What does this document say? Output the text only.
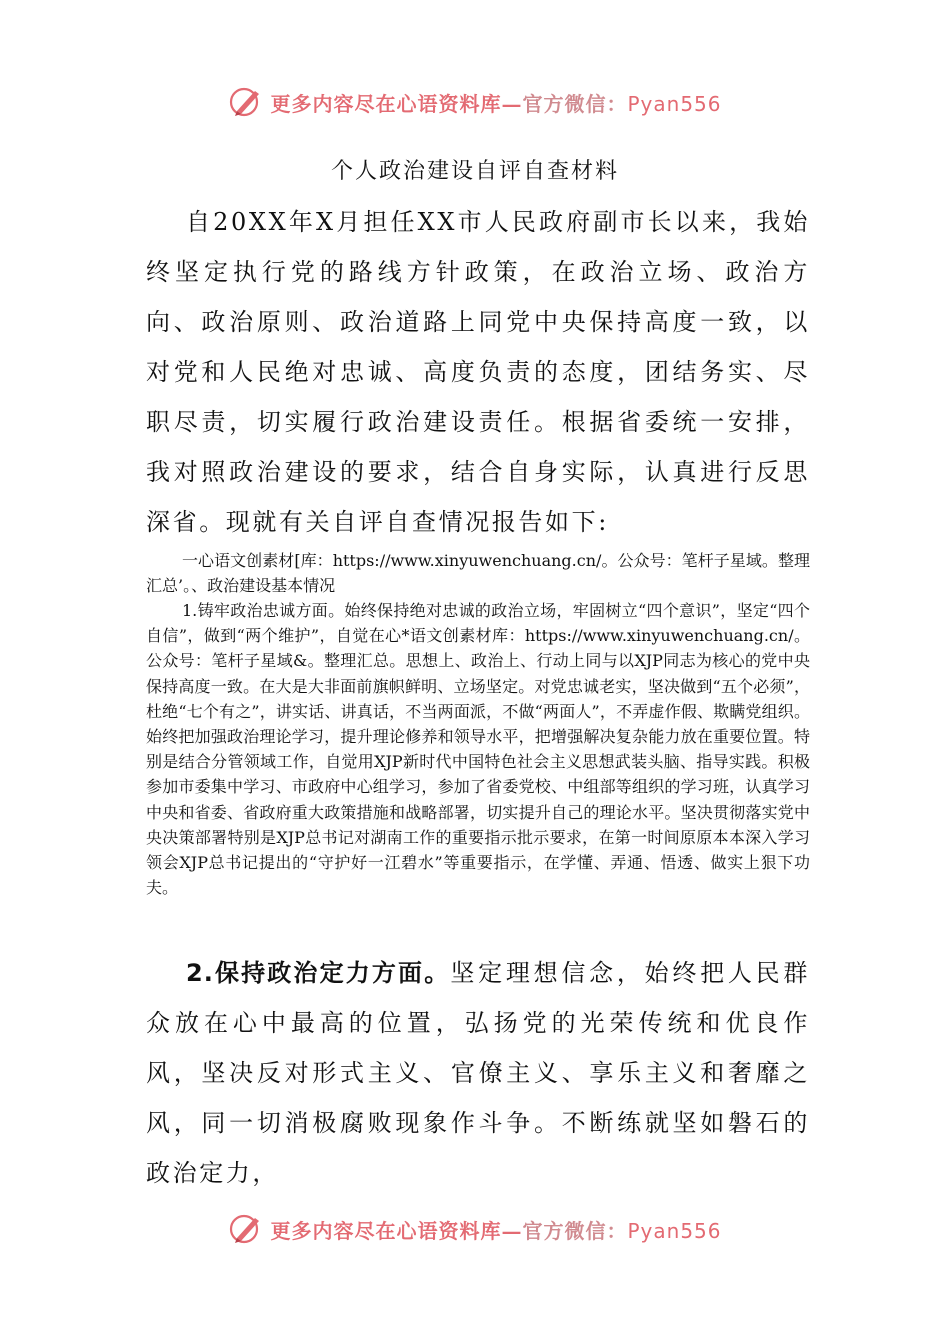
更多内容尽在心语资料库—官方微信：Pyan556
个人政治建设自评自查材料

自20XX年X月担任XX市人民政府副市长以来，我始终坚定执行党的路线方针政策，在政治立场、政治方向、政治原则、政治道路上同党中央保持高度一致，以对党和人民绝对忠诚、高度负责的态度，团结务实、尽职尽责，切实履行政治建设责任。根据省委统一安排，我对照政治建设的要求，结合自身实际，认真进行反思深省。现就有关自评自查情况报告如下:

一心语文创素材[库：https://www.xinyuwenchuang.cn/。公众号：笔杆子星域。整理汇总’。、政治建设基本情况

1.铸牢政治忠诚方面。始终保持绝对忠诚的政治立场，牢固树立“四个意识”，坚定“四个自信”，做到“两个维护”，自觉在心*语文创素材库：https://www.xinyuwenchuang.cn/。公众号：笔杆子星域&。整理汇总。思想上、政治上、行动上同与以XJP同志为核心的党中央保持高度一致。在大是大非面前旗帜鲜明、立场坚定。对党忠诚老实，坚决做到“五个必须”，杜绝“七个有之”，讲实话、讲真话，不当两面派，不做“两面人”，不弄虚作假、欺瞒党组织。始终把加强政治理论学习，提升理论修养和领导水平，把增强解决复杂能力放在重要位置。特别是结合分管领域工作，自觉用XJP新时代中国特色社会主义思想武装头脑、指导实践。积极参加市委集中学习、市政府中心组学习，参加了省委党校、中组部等组织的学习班，认真学习中央和省委、省政府重大政策措施和战略部署，切实提升自己的理论水平。坚决贯彻落实党中央决策部署特别是XJP总书记对湖南工作的重要指示批示要求，在第一时间原原本本深入学习领会XJP总书记提出的“守护好一江碧水”等重要指示，在学懂、弄通、悟透、做实上狠下功夫。

2.保持政治定力方面。坚定理想信念，始终把人民群众放在心中最高的位置，弘扬党的光荣传统和优良作风，坚决反对形式主义、官僚主义、享乐主义和奢靡之风，同一切消极腐败现象作斗争。不断练就坚如磐石的政治定力，

更多内容尽在心语资料库—官方微信：Pyan556
